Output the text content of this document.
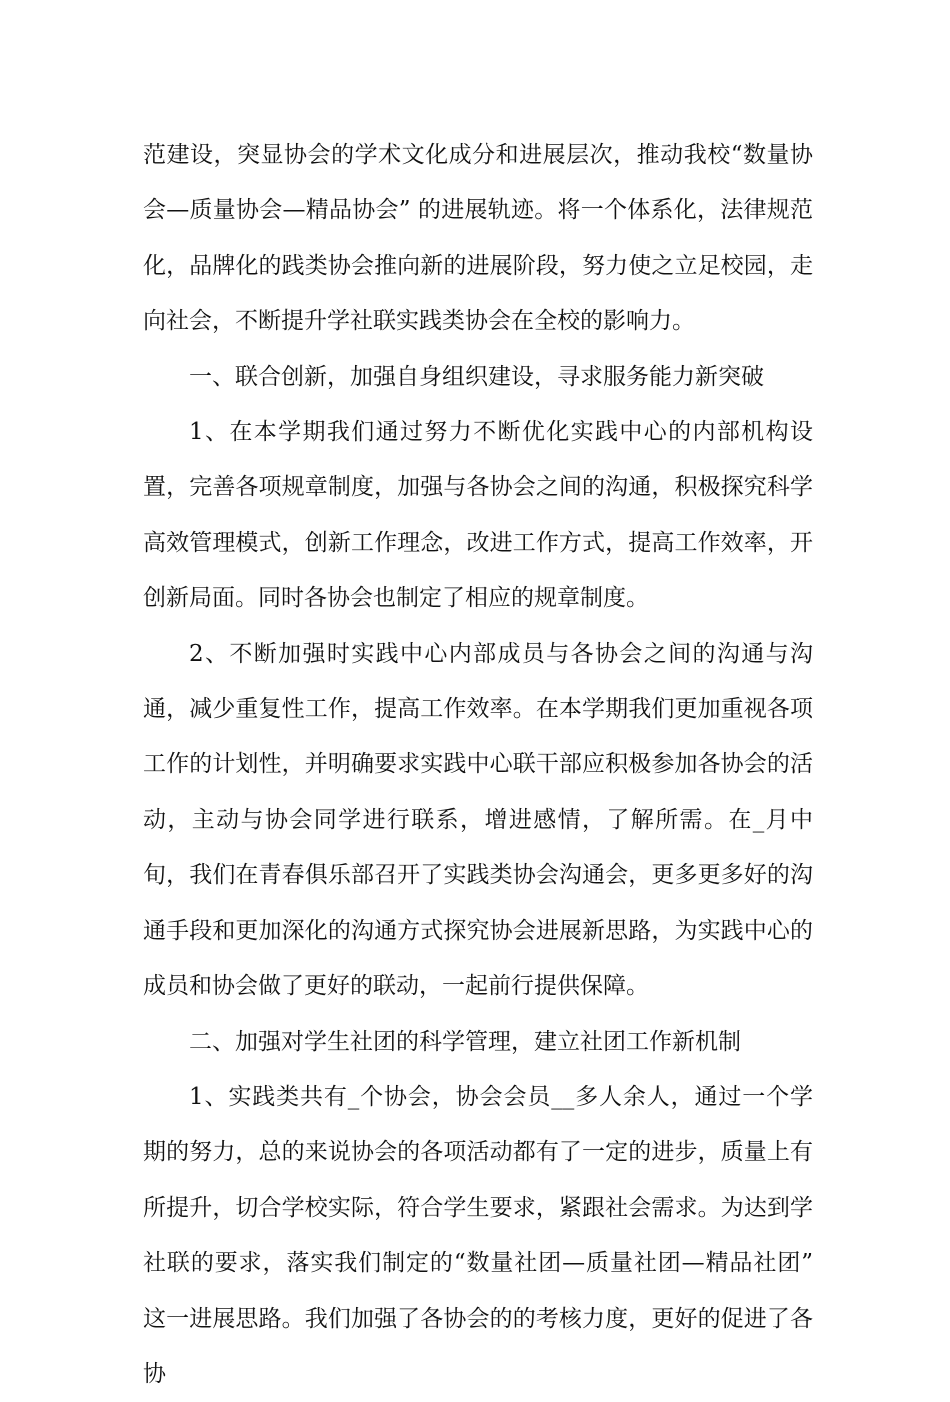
范建设，突显协会的学术文化成分和进展层次，推动我校“数量协会—质量协会—精品协会” 的进展轨迹。将一个体系化，法律规范化，品牌化的践类协会推向新的进展阶段，努力使之立足校园，走向社会，不断提升学社联实践类协会在全校的影响力。

一、联合创新，加强自身组织建设，寻求服务能力新突破

1、在本学期我们通过努力不断优化实践中心的内部机构设置，完善各项规章制度，加强与各协会之间的沟通，积极探究科学高效管理模式，创新工作理念，改进工作方式，提高工作效率，开创新局面。同时各协会也制定了相应的规章制度。

2、不断加强时实践中心内部成员与各协会之间的沟通与沟通，减少重复性工作，提高工作效率。在本学期我们更加重视各项工作的计划性，并明确要求实践中心联干部应积极参加各协会的活动，主动与协会同学进行联系，增进感情，了解所需。在_月中旬，我们在青春俱乐部召开了实践类协会沟通会，更多更多好的沟通手段和更加深化的沟通方式探究协会进展新思路，为实践中心的成员和协会做了更好的联动，一起前行提供保障。

二、加强对学生社团的科学管理，建立社团工作新机制

1、实践类共有_个协会，协会会员__多人余人，通过一个学期的努力，总的来说协会的各项活动都有了一定的进步，质量上有所提升，切合学校实际，符合学生要求，紧跟社会需求。为达到学社联的要求，落实我们制定的“数量社团—质量社团—精品社团” 这一进展思路。我们加强了各协会的的考核力度，更好的促进了各协
